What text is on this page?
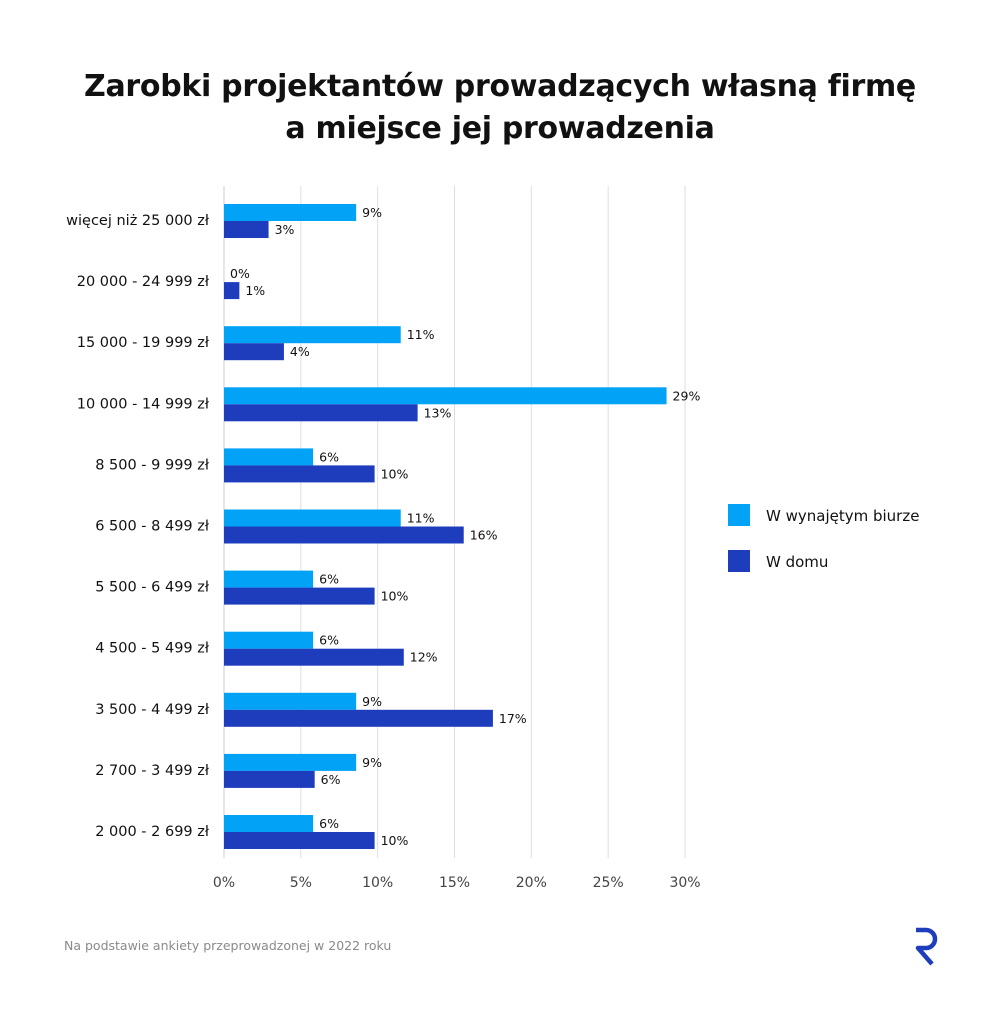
Zarobki projektantów prowadzących własną firmę
a miejsce jej prowadzenia
0%	5%	10%	15%	20%	25%	30%
więcej niż 25 000 zł
9%
3%
20 000 - 24 999 zł
0%
1%
15 000 - 19 999 zł
11%
4%
10 000 - 14 999 zł
29%
13%
8 500 - 9 999 zł
6%
10%
6 500 - 8 499 zł
11%
16%
5 500 - 6 499 zł
6%
10%
4 500 - 5 499 zł
6%
12%
3 500 - 4 499 zł
9%
17%
2 700 - 3 499 zł
9%
6%
2 000 - 2 699 zł
6%
10%
W wynajętym biurze
W domu
Na podstawie ankiety przeprowadzonej w 2022 roku
